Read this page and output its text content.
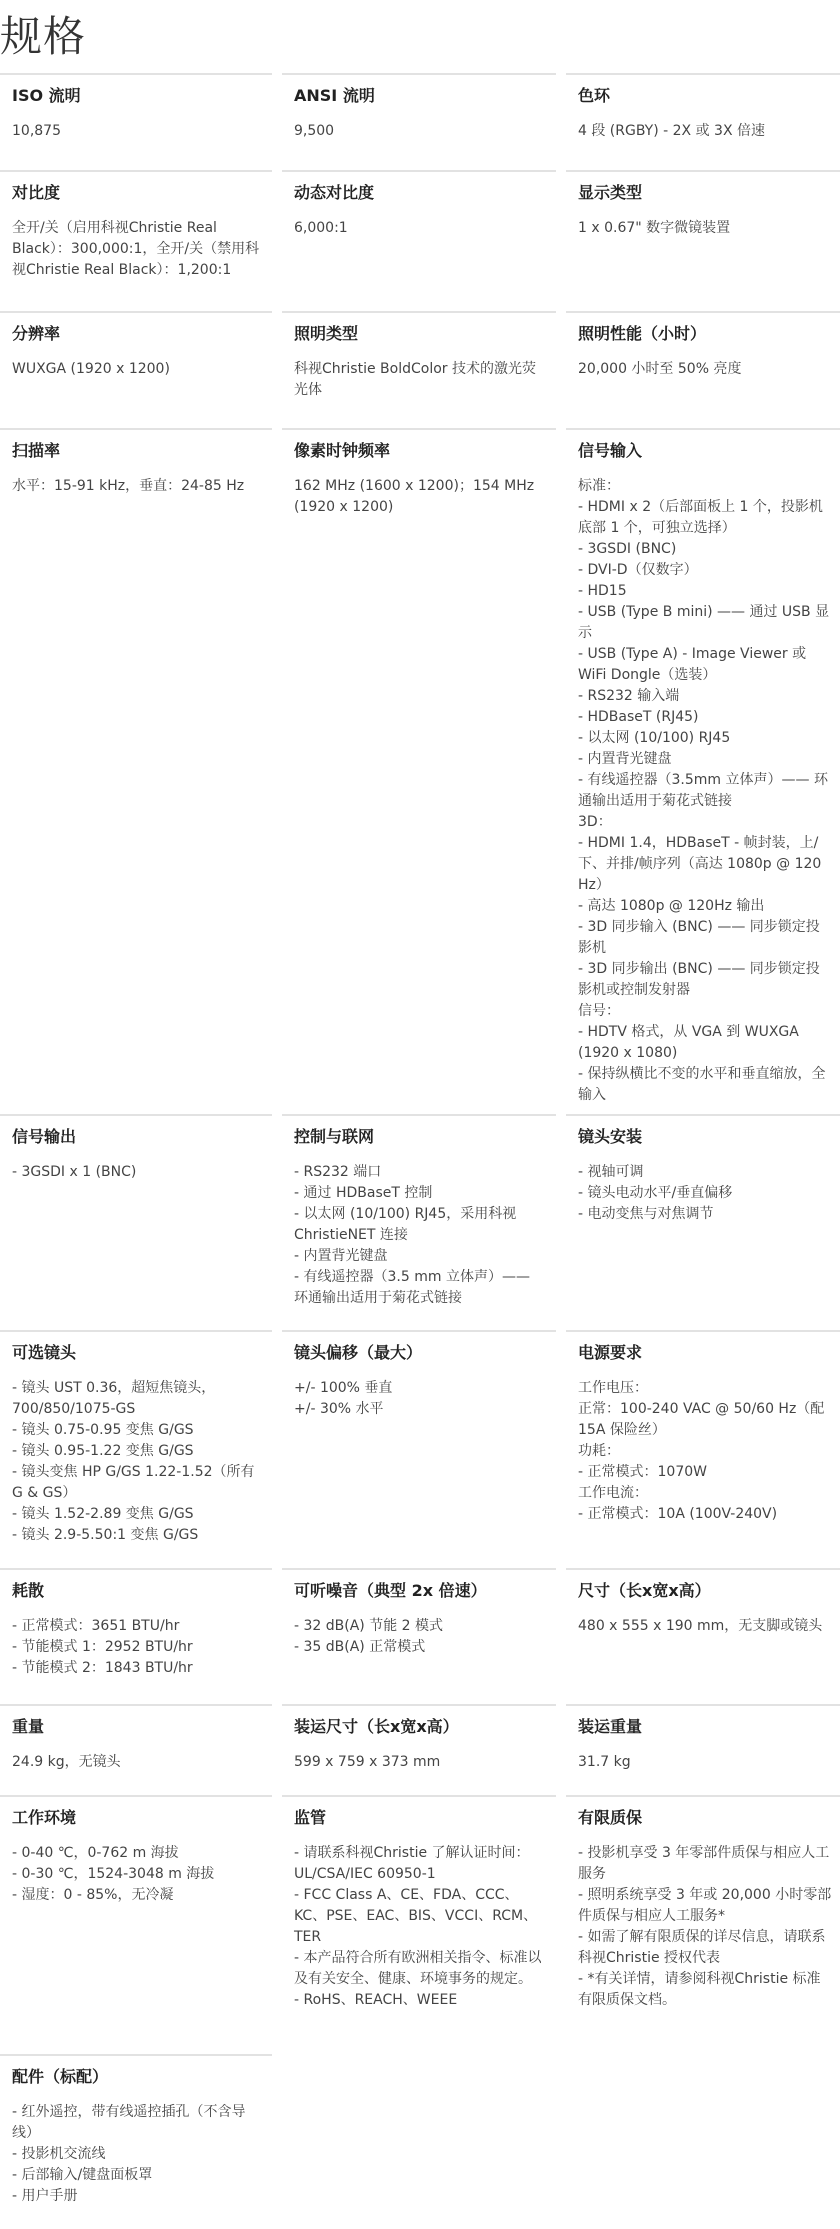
规格
ISO 流明

10,875

ANSI 流明

9,500

色环

4 段 (RGBY) - 2X 或 3X 倍速

对比度

全开/关（启用科视Christie Real Black）：300,000:1，全开/关（禁用科视Christie Real Black）：1,200:1

动态对比度

6,000:1

显示类型

1 x 0.67" 数字微镜装置

分辨率

WUXGA (1920 x 1200)

照明类型

科视Christie BoldColor 技术的激光荧光体

照明性能（小时）

20,000 小时至 50% 亮度

扫描率

水平：15-91 kHz，垂直：24-85 Hz

像素时钟频率

162 MHz (1600 x 1200)；154 MHz (1920 x 1200)

信号输入

标准：
- HDMI x 2（后部面板上 1 个，投影机底部 1 个，可独立选择）
- 3GSDI (BNC)
- DVI-D（仅数字）
- HD15
- USB (Type B mini) —— 通过 USB 显示
- USB (Type A) - Image Viewer 或 WiFi Dongle（选装）
- RS232 输入端
- HDBaseT (RJ45)
- 以太网 (10/100) RJ45
- 内置背光键盘
- 有线遥控器（3.5mm 立体声）—— 环通输出适用于菊花式链接
3D：
- HDMI 1.4，HDBaseT - 帧封装，上/下、并排/帧序列（高达 1080p @ 120 Hz）
- 高达 1080p @ 120Hz 输出
- 3D 同步输入 (BNC) —— 同步锁定投影机
- 3D 同步输出 (BNC) —— 同步锁定投影机或控制发射器
信号：
- HDTV 格式，从 VGA 到 WUXGA (1920 x 1080)
- 保持纵横比不变的水平和垂直缩放，全输入

信号输出

- 3GSDI x 1 (BNC)

控制与联网

- RS232 端口
- 通过 HDBaseT 控制
- 以太网 (10/100) RJ45，采用科视ChristieNET 连接
- 内置背光键盘
- 有线遥控器（3.5 mm 立体声）—— 环通输出适用于菊花式链接

镜头安装

- 视轴可调
- 镜头电动水平/垂直偏移
- 电动变焦与对焦调节

可选镜头

- 镜头 UST 0.36，超短焦镜头，700/850/1075-GS
- 镜头 0.75-0.95 变焦 G/GS
- 镜头 0.95-1.22 变焦 G/GS
- 镜头变焦 HP G/GS 1.22-1.52（所有 G & GS）
- 镜头 1.52-2.89 变焦 G/GS
- 镜头 2.9-5.50:1 变焦 G/GS

镜头偏移（最大）

+/- 100% 垂直
+/- 30% 水平

电源要求

工作电压：
正常：100-240 VAC @ 50/60 Hz（配 15A 保险丝）
功耗：
- 正常模式：1070W
工作电流：
- 正常模式：10A (100V-240V)

耗散

- 正常模式：3651 BTU/hr
- 节能模式 1：2952 BTU/hr
- 节能模式 2：1843 BTU/hr

可听噪音（典型 2x 倍速）

- 32 dB(A) 节能 2 模式
- 35 dB(A) 正常模式

尺寸（长x宽x高）

480 x 555 x 190 mm，无支脚或镜头

重量

24.9 kg，无镜头

装运尺寸（长x宽x高）

599 x 759 x 373 mm

装运重量

31.7 kg

工作环境

- 0-40 ℃，0-762 m 海拔
- 0-30 ℃，1524-3048 m 海拔
- 湿度：0 - 85%，无冷凝

监管

- 请联系科视Christie 了解认证时间：UL/CSA/IEC 60950-1
- FCC Class A、CE、FDA、CCC、KC、PSE、EAC、BIS、VCCI、RCM、TER
- 本产品符合所有欧洲相关指令、标准以及有关安全、健康、环境事务的规定。
- RoHS、REACH、WEEE

有限质保

- 投影机享受 3 年零部件质保与相应人工服务
- 照明系统享受 3 年或 20,000 小时零部件质保与相应人工服务*
- 如需了解有限质保的详尽信息，请联系科视Christie 授权代表
- *有关详情，请参阅科视Christie 标准有限质保文档。

配件（标配）

- 红外遥控，带有线遥控插孔（不含导线）
- 投影机交流线
- 后部输入/键盘面板罩
- 用户手册
